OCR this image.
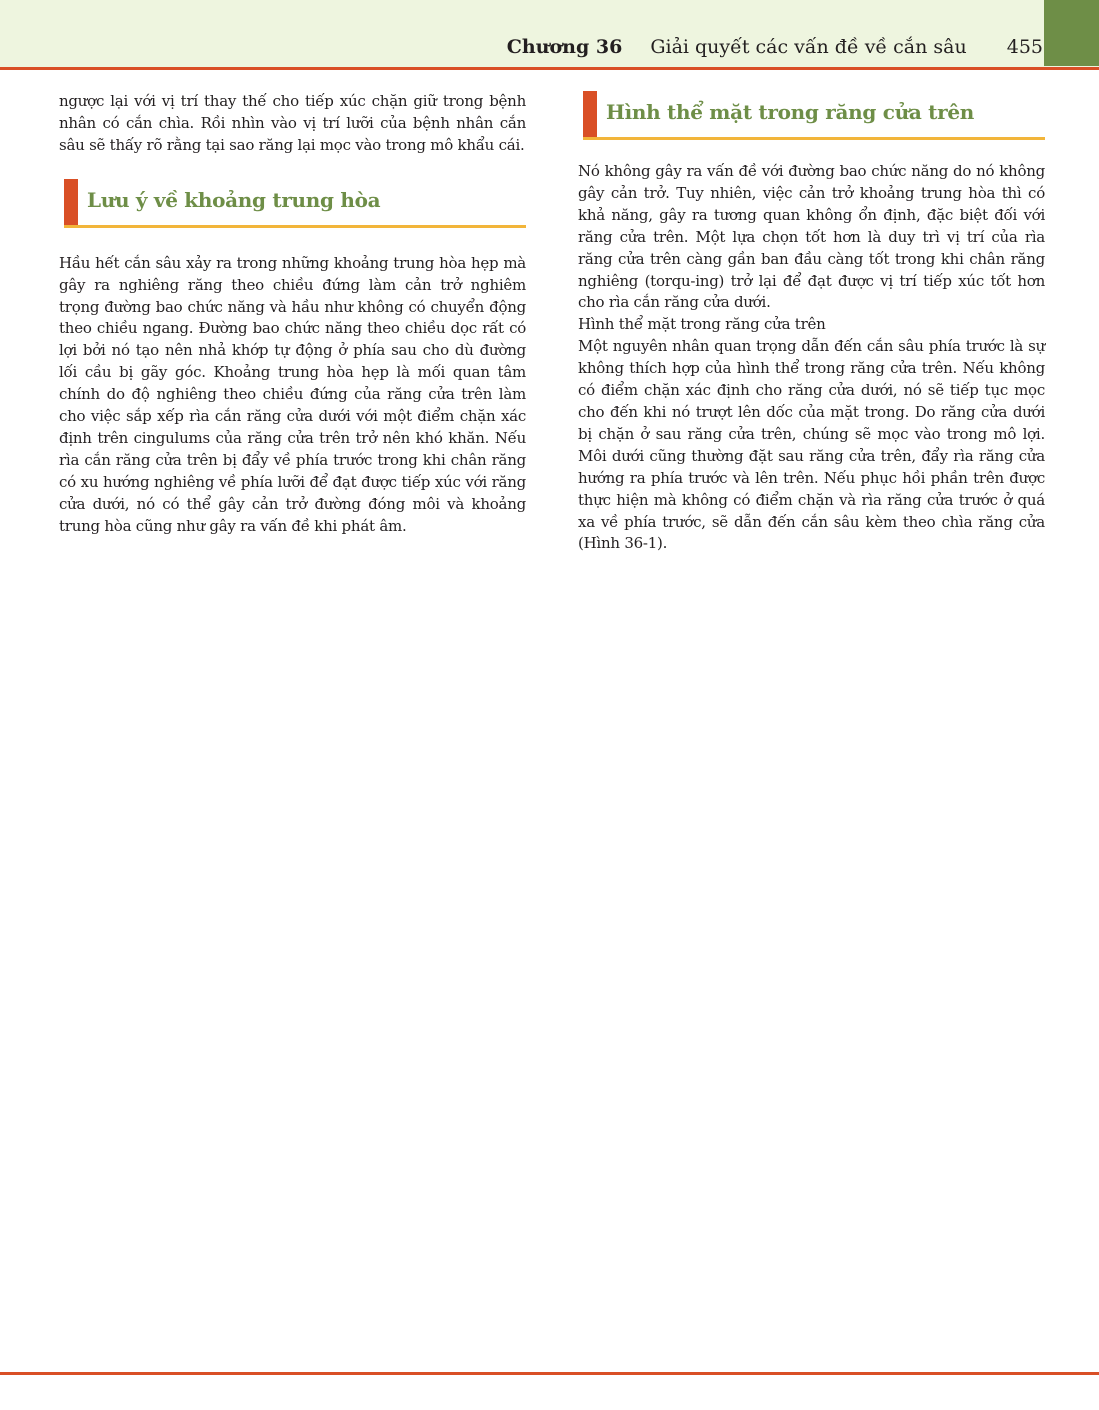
Chương 36 Giải quyết các vấn đề về cắn sâu 455

ngược lại với vị trí thay thế cho tiếp xúc chặn giữ trong bệnh nhân có cắn chìa. Rồi nhìn vào vị trí lưỡi của bệnh nhân cắn sâu sẽ thấy rõ rằng tại sao răng lại mọc vào trong mô khẩu cái.

Lưu ý về khoảng trung hòa

Hầu hết cắn sâu xảy ra trong những khoảng trung hòa hẹp mà gây ra nghiêng răng theo chiều đứng làm cản trở nghiêm trọng đường bao chức năng và hầu như không có chuyển động theo chiều ngang. Đường bao chức năng theo chiều dọc rất có lợi bởi nó tạo nên nhả khớp tự động ở phía sau cho dù đường lối cầu bị gãy góc. Khoảng trung hòa hẹp là mối quan tâm chính do độ nghiêng theo chiều đứng của răng cửa trên làm cho việc sắp xếp rìa cắn răng cửa dưới với một điểm chặn xác định trên cingulums của răng cửa trên trở nên khó khăn. Nếu rìa cắn răng cửa trên bị đẩy về phía trước trong khi chân răng có xu hướng nghiêng về phía lưỡi để đạt được tiếp xúc với răng cửa dưới, nó có thể gây cản trở đường đóng môi và khoảng trung hòa cũng như gây ra vấn đề khi phát âm.

Hình thể mặt trong răng cửa trên

Nó không gây ra vấn đề với đường bao chức năng do nó không gây cản trở. Tuy nhiên, việc cản trở khoảng trung hòa thì có khả năng, gây ra tương quan không ổn định, đặc biệt đối với răng cửa trên. Một lựa chọn tốt hơn là duy trì vị trí của rìa răng cửa trên càng gần ban đầu càng tốt trong khi chân răng nghiêng (torqu-ing) trở lại để đạt được vị trí tiếp xúc tốt hơn cho rìa cắn răng cửa dưới.

Hình thể mặt trong răng cửa trên

Một nguyên nhân quan trọng dẫn đến cắn sâu phía trước là sự không thích hợp của hình thể trong răng cửa trên. Nếu không có điểm chặn xác định cho răng cửa dưới, nó sẽ tiếp tục mọc cho đến khi nó trượt lên dốc của mặt trong. Do răng cửa dưới bị chặn ở sau răng cửa trên, chúng sẽ mọc vào trong mô lợi. Môi dưới cũng thường đặt sau răng cửa trên, đẩy rìa răng cửa hướng ra phía trước và lên trên. Nếu phục hồi phần trên được thực hiện mà không có điểm chặn và rìa răng cửa trước ở quá xa về phía trước, sẽ dẫn đến cắn sâu kèm theo chìa răng cửa (Hình 36-1).
